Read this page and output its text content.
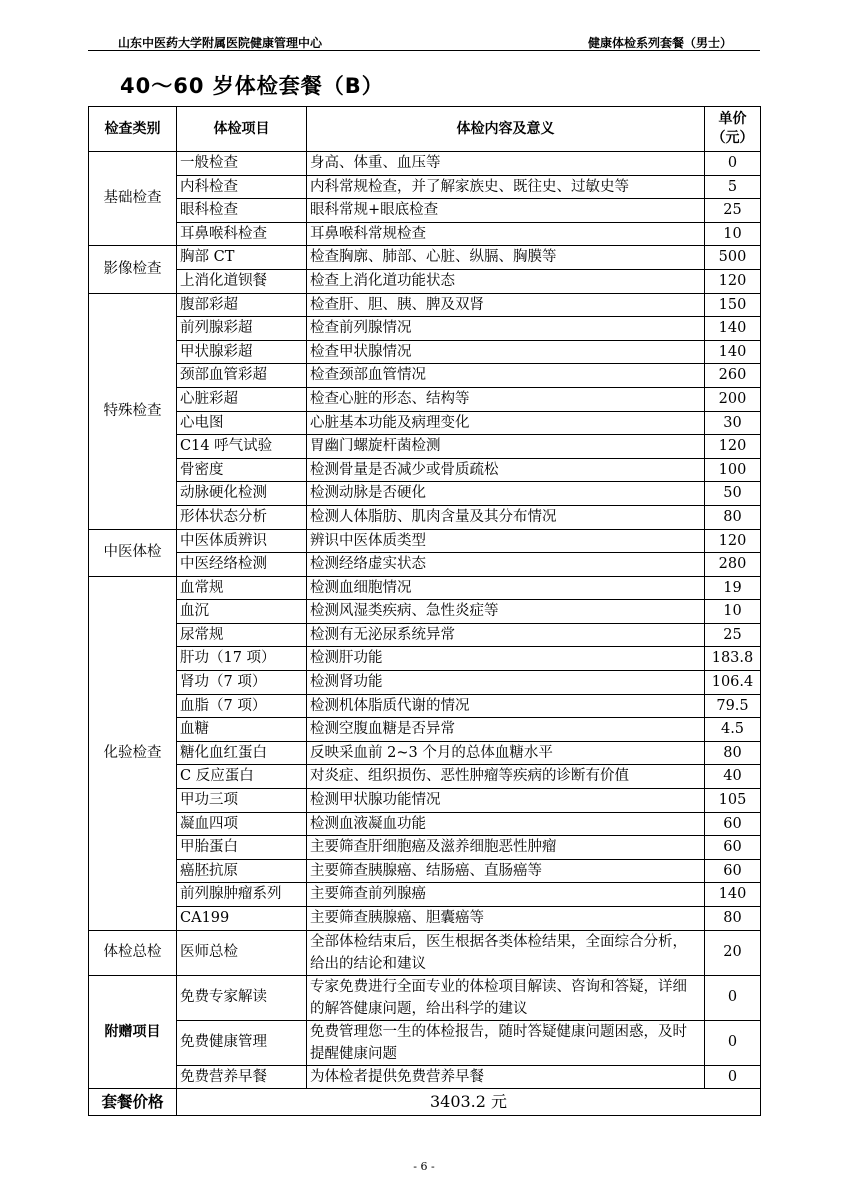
山东中医药大学附属医院健康管理中心	健康体检系列套餐（男士）
40～60 岁体检套餐（B）
检查类别	体检项目	体检内容及意义	单价（元）
基础检查	一般检查	身高、体重、血压等	0
	内科检查	内科常规检查，并了解家族史、既往史、过敏史等	5
	眼科检查	眼科常规+眼底检查	25
	耳鼻喉科检查	耳鼻喉科常规检查	10
影像检查	胸部 CT	检查胸廓、肺部、心脏、纵膈、胸膜等	500
	上消化道钡餐	检查上消化道功能状态	120
特殊检查	腹部彩超	检查肝、胆、胰、脾及双肾	150
	前列腺彩超	检查前列腺情况	140
	甲状腺彩超	检查甲状腺情况	140
	颈部血管彩超	检查颈部血管情况	260
	心脏彩超	检查心脏的形态、结构等	200
	心电图	心脏基本功能及病理变化	30
	C14 呼气试验	胃幽门螺旋杆菌检测	120
	骨密度	检测骨量是否减少或骨质疏松	100
	动脉硬化检测	检测动脉是否硬化	50
	形体状态分析	检测人体脂肪、肌肉含量及其分布情况	80
中医体检	中医体质辨识	辨识中医体质类型	120
	中医经络检测	检测经络虚实状态	280
化验检查	血常规	检测血细胞情况	19
	血沉	检测风湿类疾病、急性炎症等	10
	尿常规	检测有无泌尿系统异常	25
	肝功（17 项）	检测肝功能	183.8
	肾功（7 项）	检测肾功能	106.4
	血脂（7 项）	检测机体脂质代谢的情况	79.5
	血糖	检测空腹血糖是否异常	4.5
	糖化血红蛋白	反映采血前 2~3 个月的总体血糖水平	80
	C 反应蛋白	对炎症、组织损伤、恶性肿瘤等疾病的诊断有价值	40
	甲功三项	检测甲状腺功能情况	105
	凝血四项	检测血液凝血功能	60
	甲胎蛋白	主要筛查肝细胞癌及滋养细胞恶性肿瘤	60
	癌胚抗原	主要筛查胰腺癌、结肠癌、直肠癌等	60
	前列腺肿瘤系列	主要筛查前列腺癌	140
	CA199	主要筛查胰腺癌、胆囊癌等	80
体检总检	医师总检	全部体检结束后，医生根据各类体检结果，全面综合分析，给出的结论和建议	20
附赠项目	免费专家解读	专家免费进行全面专业的体检项目解读、咨询和答疑，详细的解答健康问题，给出科学的建议	0
	免费健康管理	免费管理您一生的体检报告，随时答疑健康问题困惑，及时提醒健康问题	0
	免费营养早餐	为体检者提供免费营养早餐	0
套餐价格	3403.2 元		
- 6 -
